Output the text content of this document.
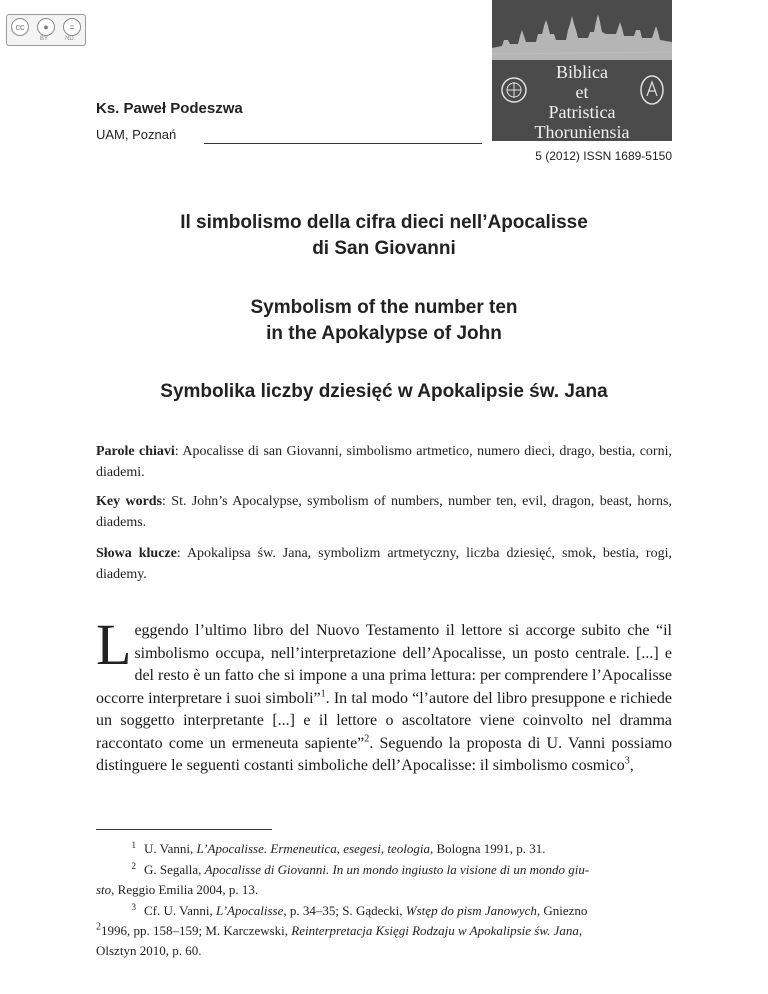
cc	●	=
BY	ND
Biblica
et
Patristica
Thoruniensia
Ks. Paweł Podeszwa
UAM, Poznań
5 (2012) ISSN 1689-5150
Il simbolismo della cifra dieci nell’Apocalisse
di San Giovanni
Symbolism of the number ten
in the Apokalypse of John
Symbolika liczby dziesięć w Apokalipsie św. Jana
Parole chiavi: Apocalisse di san Giovanni, simbolismo artmetico, numero dieci, drago, bestia, corni, diademi.
Key words: St. John’s Apocalypse, symbolism of numbers, number ten, evil, dragon, beast, horns, diadems.
Słowa klucze: Apokalipsa św. Jana, symbolizm artmetyczny, liczba dziesięć, smok, bestia, rogi, diademy.
Leggendo l’ultimo libro del Nuovo Testamento il lettore si accorge subito che “il simbolismo occupa, nell’interpretazione dell’Apocalisse, un posto centrale. [...] e del resto è un fatto che si impone a una prima lettura: per comprendere l’Apocalisse occorre interpretare i suoi simboli”$^1$. In tal modo “l’autore del libro presuppone e richiede un soggetto interpretante [...] e il lettore o ascoltatore viene coinvolto nel dramma raccontato come un ermeneuta sapiente”$^2$. Seguendo la proposta di U. Vanni possiamo distinguere le seguenti costanti simboliche dell’Apocalisse: il simbolismo cosmico$^3$,
1 U. Vanni, L’Apocalisse. Ermeneutica, esegesi, teologia, Bologna 1991, p. 31.
2 G. Segalla, Apocalisse di Giovanni. In un mondo ingiusto la visione di un mondo giu-
sto, Reggio Emilia 2004, p. 13.
3 Cf. U. Vanni, L’Apocalisse, p. 34–35; S. Gądecki, Wstęp do pism Janowych, Gniezno
$^2$1996, pp. 158–159; M. Karczewski, Reinterpretacja Księgi Rodzaju w Apokalipsie św. Jana,
Olsztyn 2010, p. 60.
